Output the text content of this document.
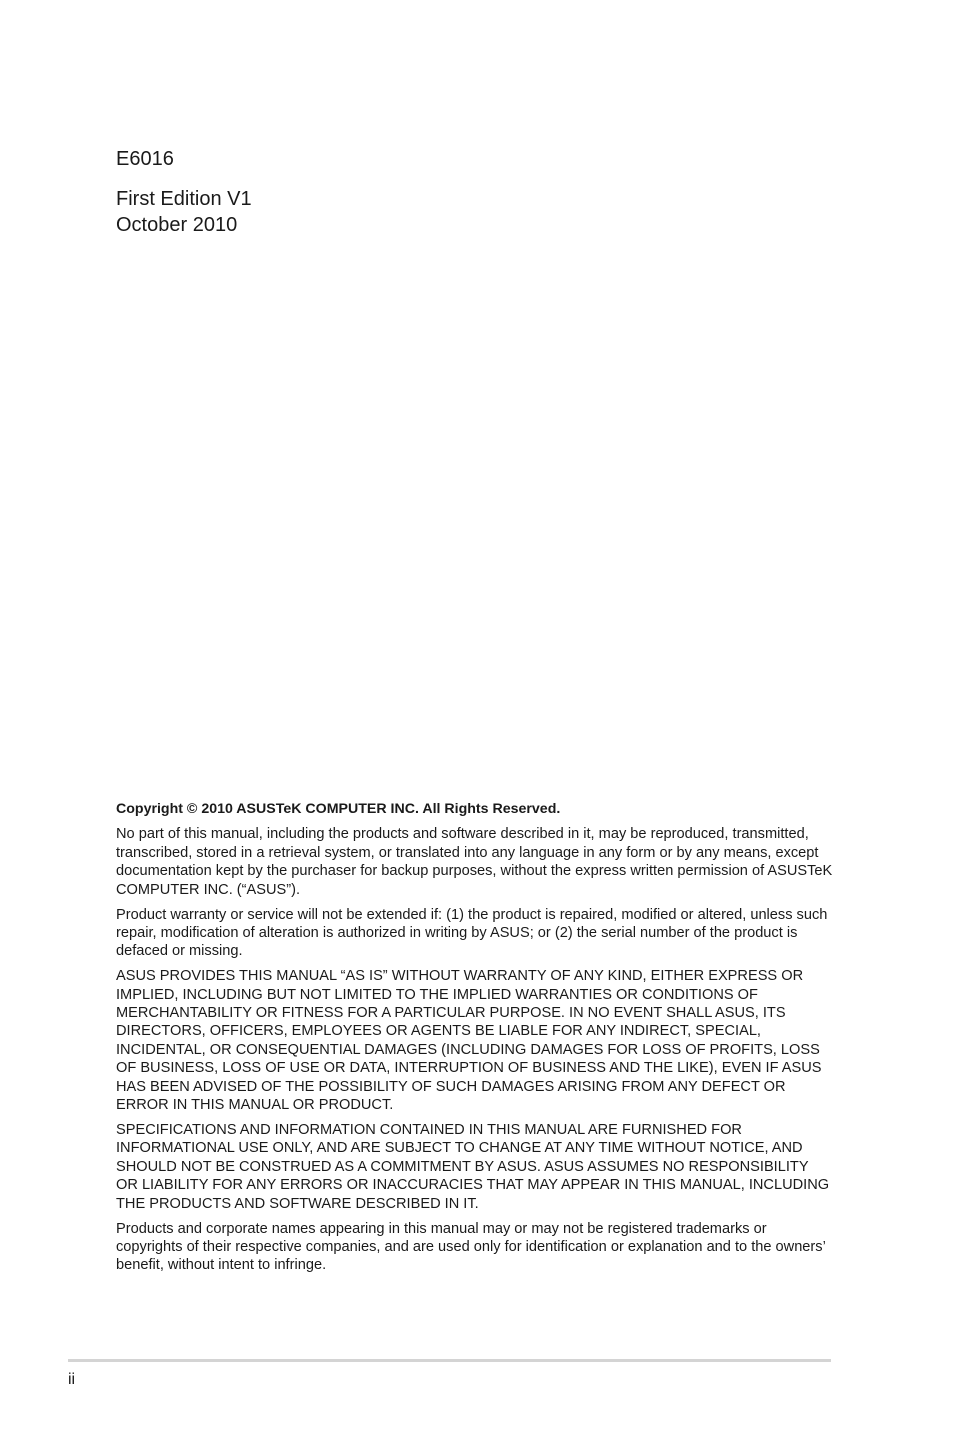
E6016

First Edition V1

October 2010

Copyright © 2010 ASUSTeK COMPUTER INC. All Rights Reserved.

No part of this manual, including the products and software described in it, may be reproduced, transmitted, transcribed, stored in a retrieval system, or translated into any language in any form or by any means, except documentation kept by the purchaser for backup purposes, without the express written permission of ASUSTeK COMPUTER INC. (“ASUS”).

Product warranty or service will not be extended if: (1) the product is repaired, modified or altered, unless such repair, modification of alteration is authorized in writing by ASUS; or (2) the serial number of the product is defaced or missing.

ASUS PROVIDES THIS MANUAL “AS IS” WITHOUT WARRANTY OF ANY KIND, EITHER EXPRESS OR IMPLIED, INCLUDING BUT NOT LIMITED TO THE IMPLIED WARRANTIES OR CONDITIONS OF MERCHANTABILITY OR FITNESS FOR A PARTICULAR PURPOSE. IN NO EVENT SHALL ASUS, ITS DIRECTORS, OFFICERS, EMPLOYEES OR AGENTS BE LIABLE FOR ANY INDIRECT, SPECIAL, INCIDENTAL, OR CONSEQUENTIAL DAMAGES (INCLUDING DAMAGES FOR LOSS OF PROFITS, LOSS OF BUSINESS, LOSS OF USE OR DATA, INTERRUPTION OF BUSINESS AND THE LIKE), EVEN IF ASUS HAS BEEN ADVISED OF THE POSSIBILITY OF SUCH DAMAGES ARISING FROM ANY DEFECT OR ERROR IN THIS MANUAL OR PRODUCT.

SPECIFICATIONS AND INFORMATION CONTAINED IN THIS MANUAL ARE FURNISHED FOR INFORMATIONAL USE ONLY, AND ARE SUBJECT TO CHANGE AT ANY TIME WITHOUT NOTICE, AND SHOULD NOT BE CONSTRUED AS A COMMITMENT BY ASUS. ASUS ASSUMES NO RESPONSIBILITY OR LIABILITY FOR ANY ERRORS OR INACCURACIES THAT MAY APPEAR IN THIS MANUAL, INCLUDING THE PRODUCTS AND SOFTWARE DESCRIBED IN IT.

Products and corporate names appearing in this manual may or may not be registered trademarks or copyrights of their respective companies, and are used only for identification or explanation and to the owners’ benefit, without intent to infringe.

ii
